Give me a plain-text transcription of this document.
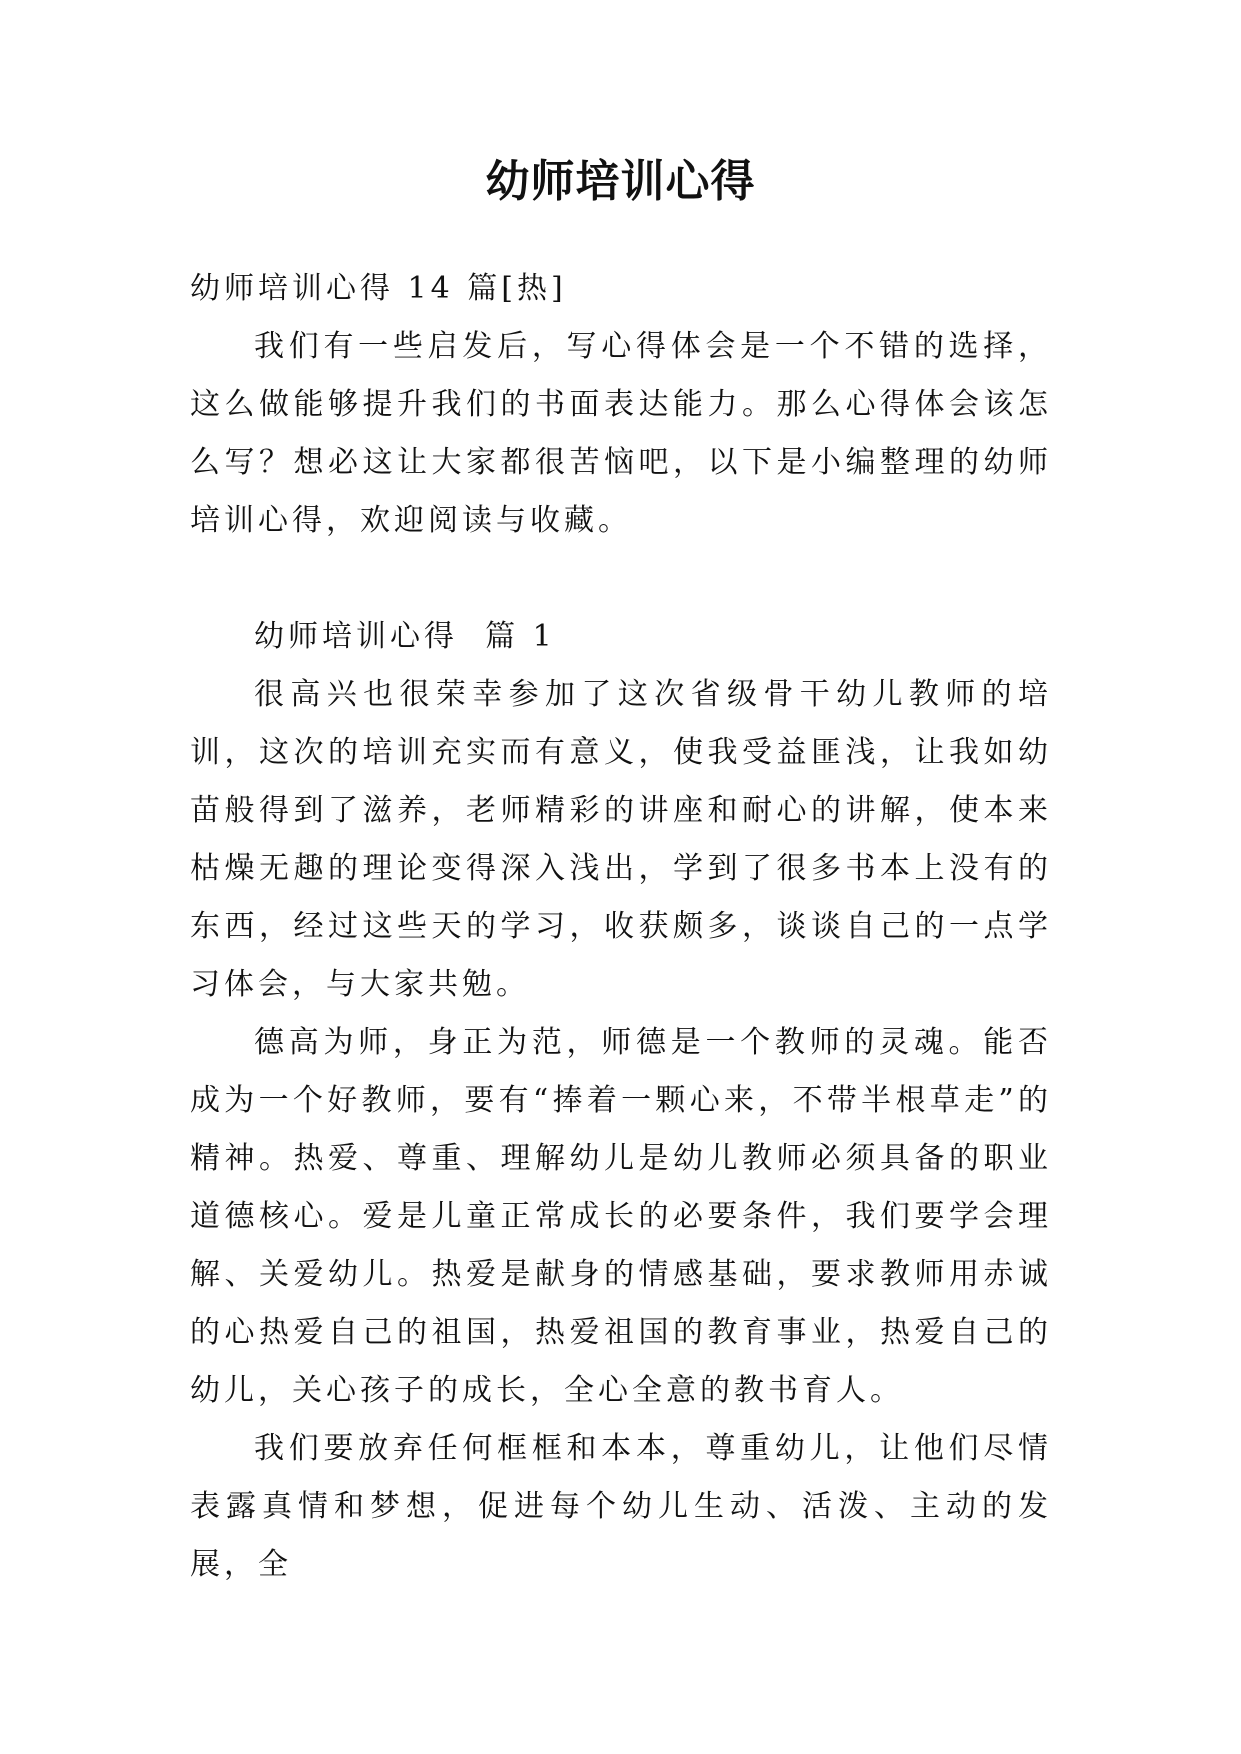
幼师培训心得

幼师培训心得 14 篇[热]

我们有一些启发后，写心得体会是一个不错的选择，这么做能够提升我们的书面表达能力。那么心得体会该怎么写？想必这让大家都很苦恼吧，以下是小编整理的幼师培训心得，欢迎阅读与收藏。

幼师培训心得  篇 1

很高兴也很荣幸参加了这次省级骨干幼儿教师的培训，这次的培训充实而有意义，使我受益匪浅，让我如幼苗般得到了滋养，老师精彩的讲座和耐心的讲解，使本来枯燥无趣的理论变得深入浅出，学到了很多书本上没有的东西，经过这些天的学习，收获颇多，谈谈自己的一点学习体会，与大家共勉。

德高为师，身正为范，师德是一个教师的灵魂。能否成为一个好教师，要有“捧着一颗心来，不带半根草走”的精神。热爱、尊重、理解幼儿是幼儿教师必须具备的职业道德核心。爱是儿童正常成长的必要条件，我们要学会理解、关爱幼儿。热爱是献身的情感基础，要求教师用赤诚的心热爱自己的祖国，热爱祖国的教育事业，热爱自己的幼儿，关心孩子的成长，全心全意的教书育人。

我们要放弃任何框框和本本，尊重幼儿，让他们尽情表露真情和梦想，促进每个幼儿生动、活泼、主动的发展，全
